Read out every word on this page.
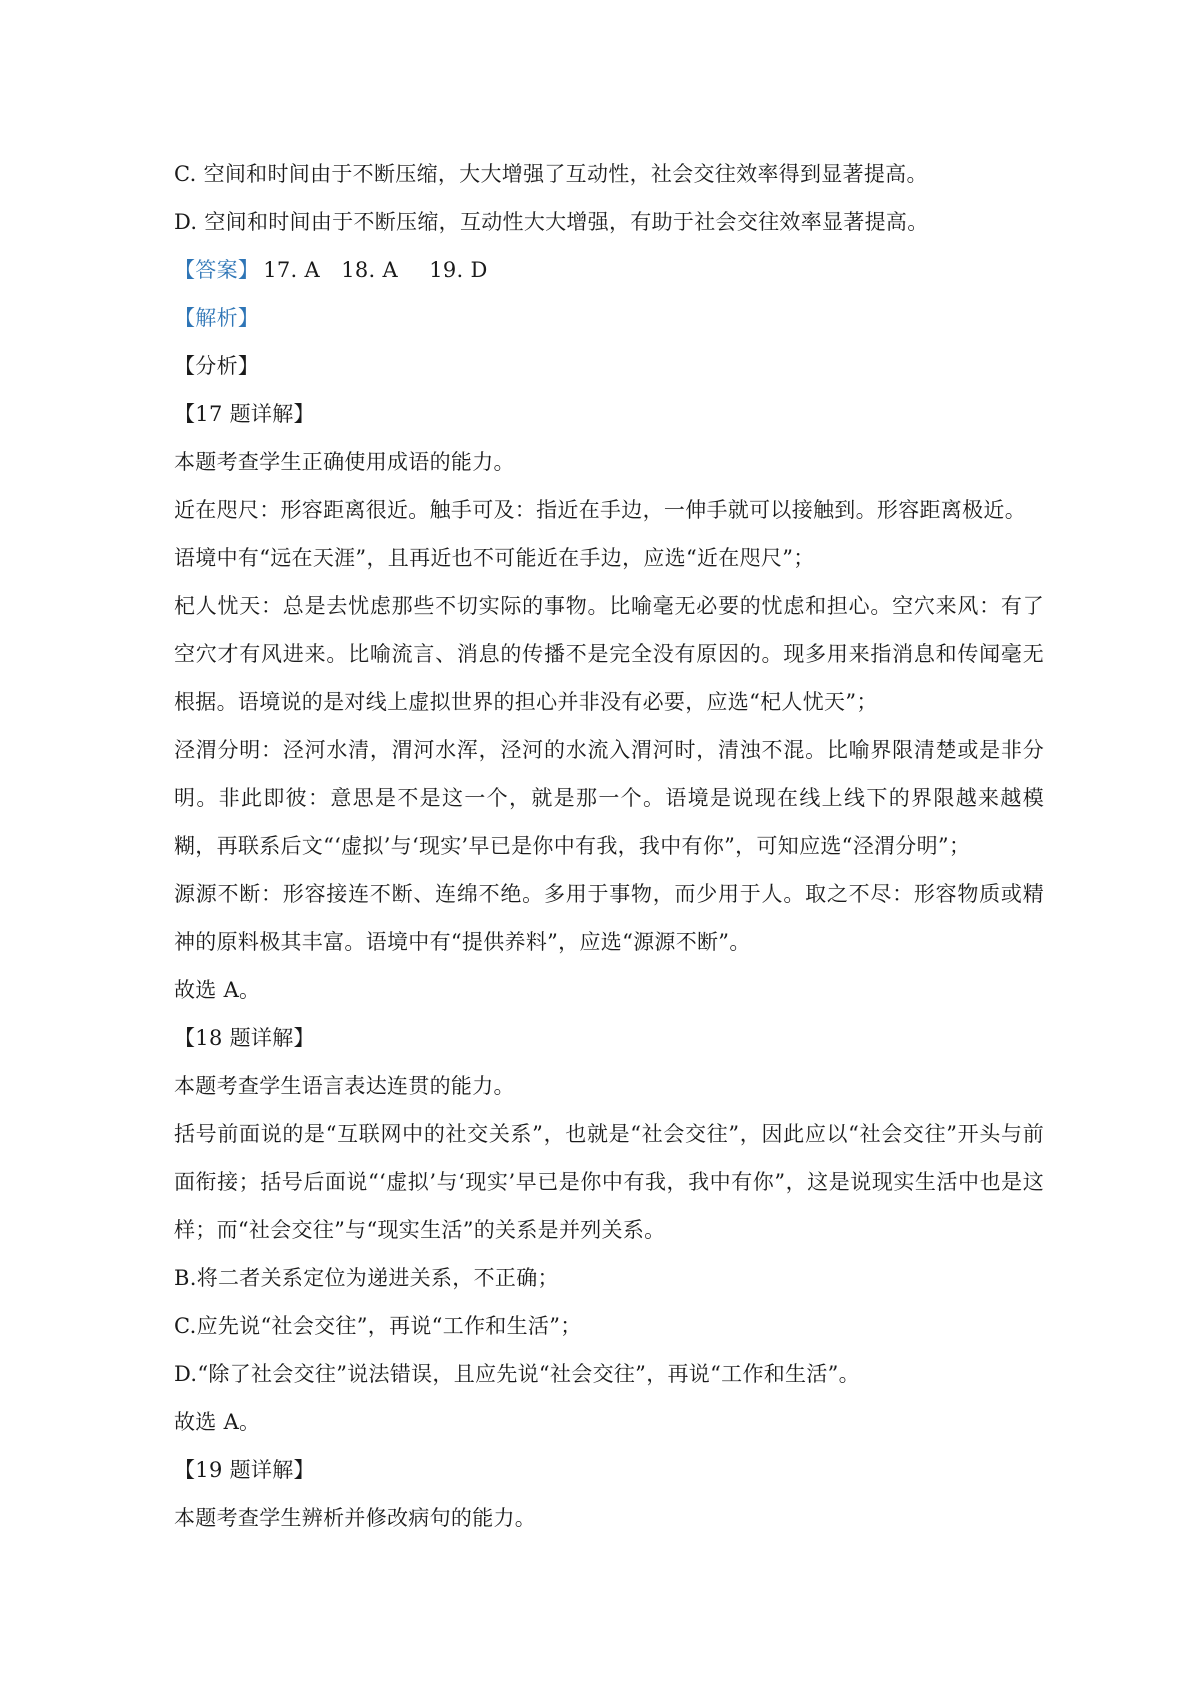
C. 空间和时间由于不断压缩，大大增强了互动性，社会交往效率得到显著提高。
D. 空间和时间由于不断压缩，互动性大大增强，有助于社会交往效率显著提高。
【答案】 17. A 18. A 19. D
【解析】
【分析】
【17 题详解】
本题考查学生正确使用成语的能力。
近在咫尺：形容距离很近。触手可及：指近在手边，一伸手就可以接触到。形容距离极近。
语境中有“远在天涯”，且再近也不可能近在手边，应选“近在咫尺”；
杞人忧天：总是去忧虑那些不切实际的事物。比喻毫无必要的忧虑和担心。空穴来风：有了空穴才有风进来。比喻流言、消息的传播不是完全没有原因的。现多用来指消息和传闻毫无根据。语境说的是对线上虚拟世界的担心并非没有必要，应选“杞人忧天”；
泾渭分明：泾河水清，渭河水浑，泾河的水流入渭河时，清浊不混。比喻界限清楚或是非分明。非此即彼：意思是不是这一个，就是那一个。语境是说现在线上线下的界限越来越模糊，再联系后文“‘虚拟’与‘现实’早已是你中有我，我中有你”，可知应选“泾渭分明”；
源源不断：形容接连不断、连绵不绝。多用于事物，而少用于人。取之不尽：形容物质或精神的原料极其丰富。语境中有“提供养料”，应选“源源不断”。
故选 A。
【18 题详解】
本题考查学生语言表达连贯的能力。
括号前面说的是“互联网中的社交关系”，也就是“社会交往”，因此应以“社会交往”开头与前面衔接；括号后面说“‘虚拟’与‘现实’早已是你中有我，我中有你”，这是说现实生活中也是这样；而“社会交往”与“现实生活”的关系是并列关系。
B.将二者关系定位为递进关系，不正确；
C.应先说“社会交往”，再说“工作和生活”；
D.“除了社会交往”说法错误，且应先说“社会交往”，再说“工作和生活”。
故选 A。
【19 题详解】
本题考查学生辨析并修改病句的能力。
